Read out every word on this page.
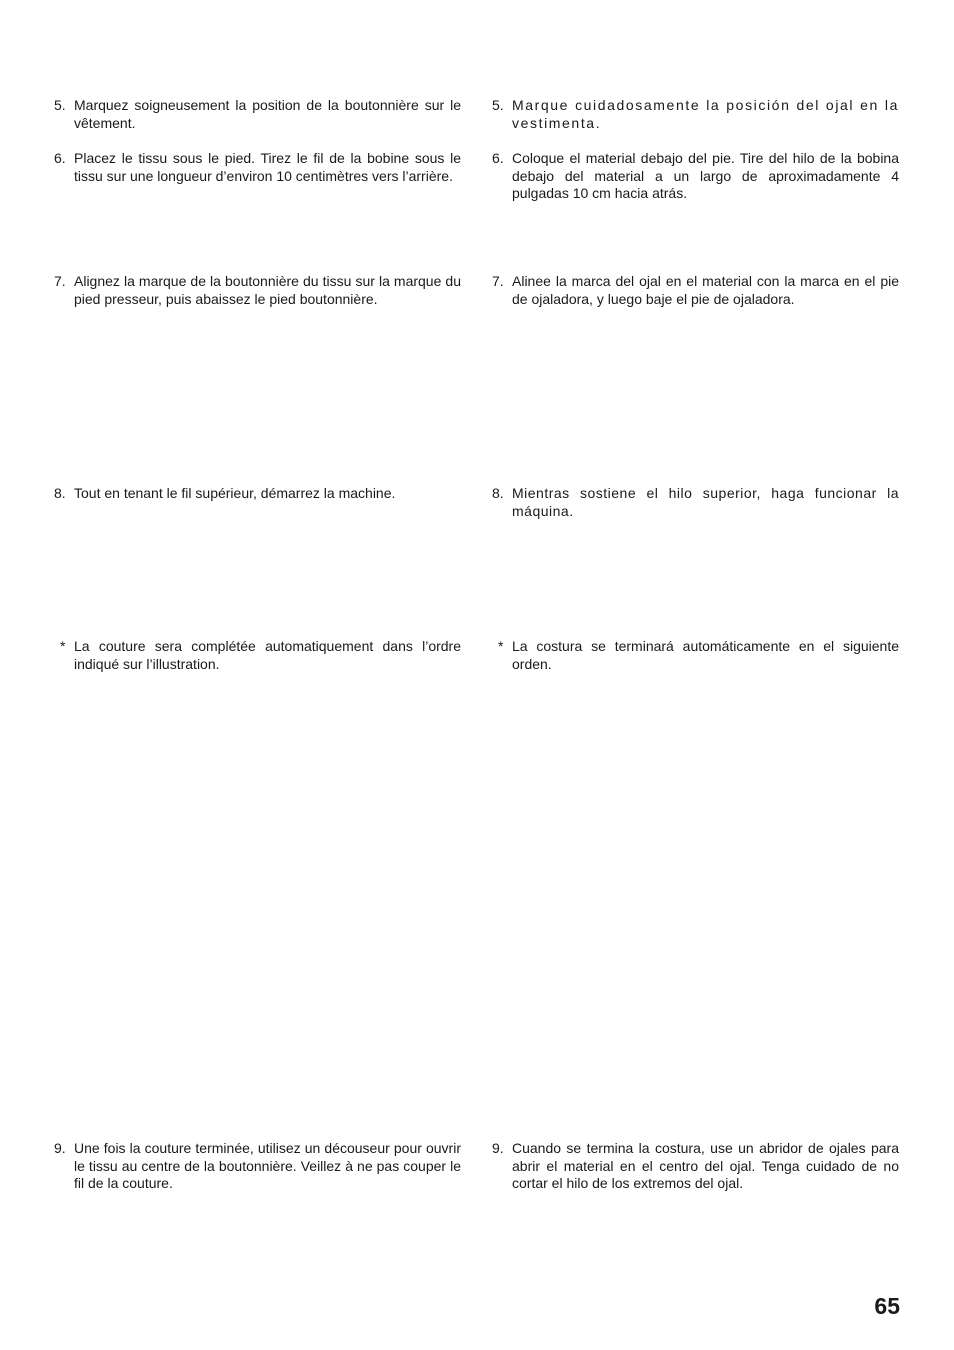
5. Marquez soigneusement la position de la boutonnière sur le vêtement.
6. Placez le tissu sous le pied. Tirez le fil de la bobine sous le tissu sur une longueur d’environ 10 centimètres vers l’arrière.
7. Alignez la marque de la boutonnière du tissu sur la marque du pied presseur, puis abaissez le pied boutonnière.
8. Tout en tenant le fil supérieur, démarrez la machine.
* La couture sera complétée automatiquement dans l’ordre indiqué sur l’illustration.
9. Une fois la couture terminée, utilisez un découseur pour ouvrir le tissu au centre de la boutonnière. Veillez à ne pas couper le fil de la couture.
5. Marque cuidadosamente la posición del ojal en la vestimenta.
6. Coloque el material debajo del pie. Tire del hilo de la bobina debajo del material a un largo de aproximadamente 4 pulgadas 10 cm hacia atrás.
7. Alinee la marca del ojal en el material con la marca en el pie de ojaladora, y luego baje el pie de ojaladora.
8. Mientras sostiene el hilo superior, haga funcionar la máquina.
* La costura se terminará automáticamente en el siguiente orden.
9. Cuando se termina la costura, use un abridor de ojales para abrir el material en el centro del ojal. Tenga cuidado de no cortar el hilo de los extremos del ojal.
65
